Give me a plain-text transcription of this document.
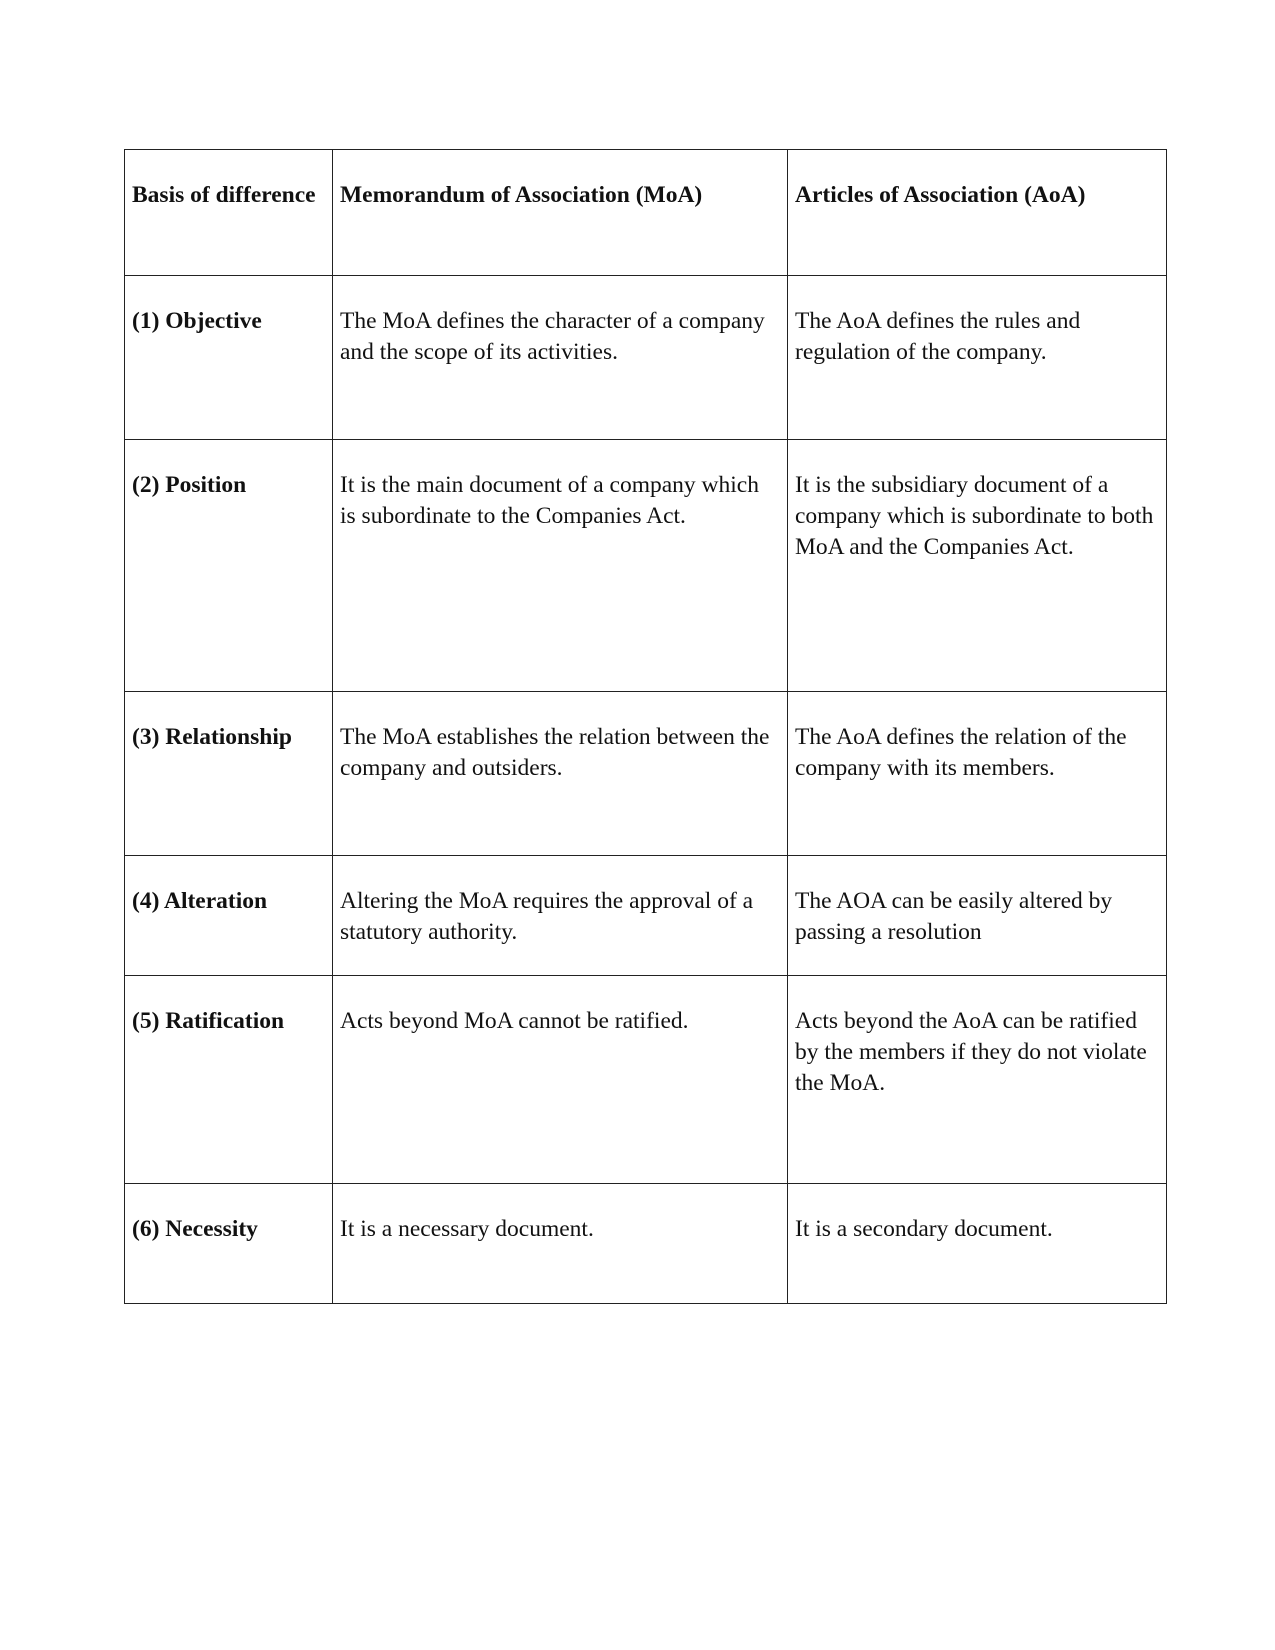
Basis of difference	Memorandum of Association (MoA)	Articles of Association (AoA)
(1) Objective	The MoA defines the character of a company and the scope of its activities.	The AoA defines the rules and regulation of the company.
(2) Position	It is the main document of a company which is subordinate to the Companies Act.	It is the subsidiary document of a company which is subordinate to both MoA and the Companies Act.
(3) Relationship	The MoA establishes the relation between the company and outsiders.	The AoA defines the relation of the company with its members.
(4) Alteration	Altering the MoA requires the approval of a statutory authority.	The AOA can be easily altered by passing a resolution
(5) Ratification	Acts beyond MoA cannot be ratified.	Acts beyond the AoA can be ratified by the members if they do not violate the MoA.
(6) Necessity	It is a necessary document.	It is a secondary document.
